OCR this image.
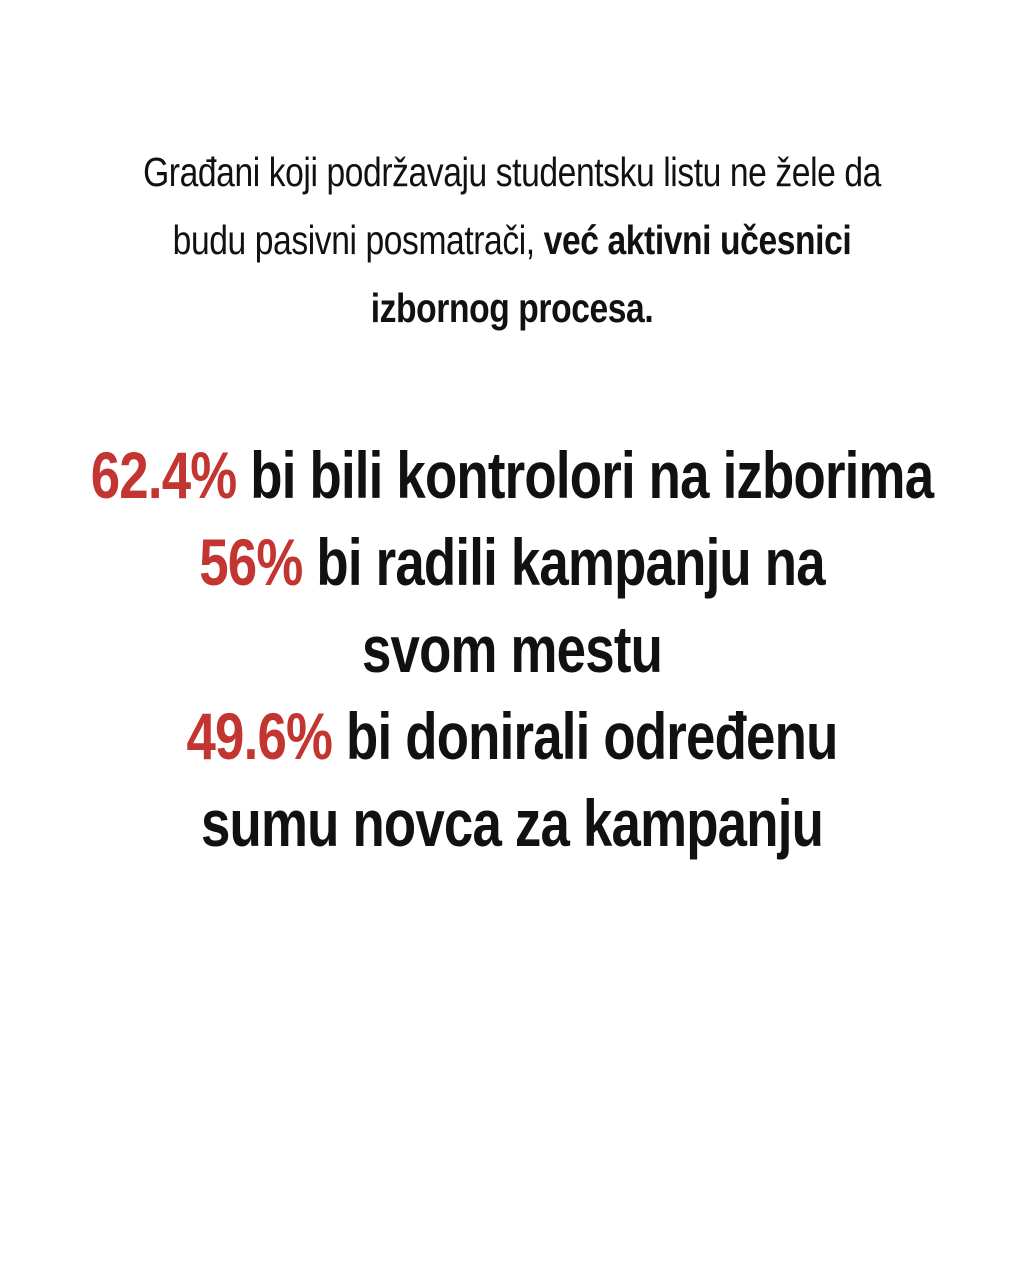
Građani koji podržavaju studentsku listu ne žele da budu pasivni posmatrači, već aktivni učesnici izbornog procesa.

62.4% bi bili kontrolori na izborima
56% bi radili kampanju na svom mestu
49.6% bi donirali određenu sumu novca za kampanju
